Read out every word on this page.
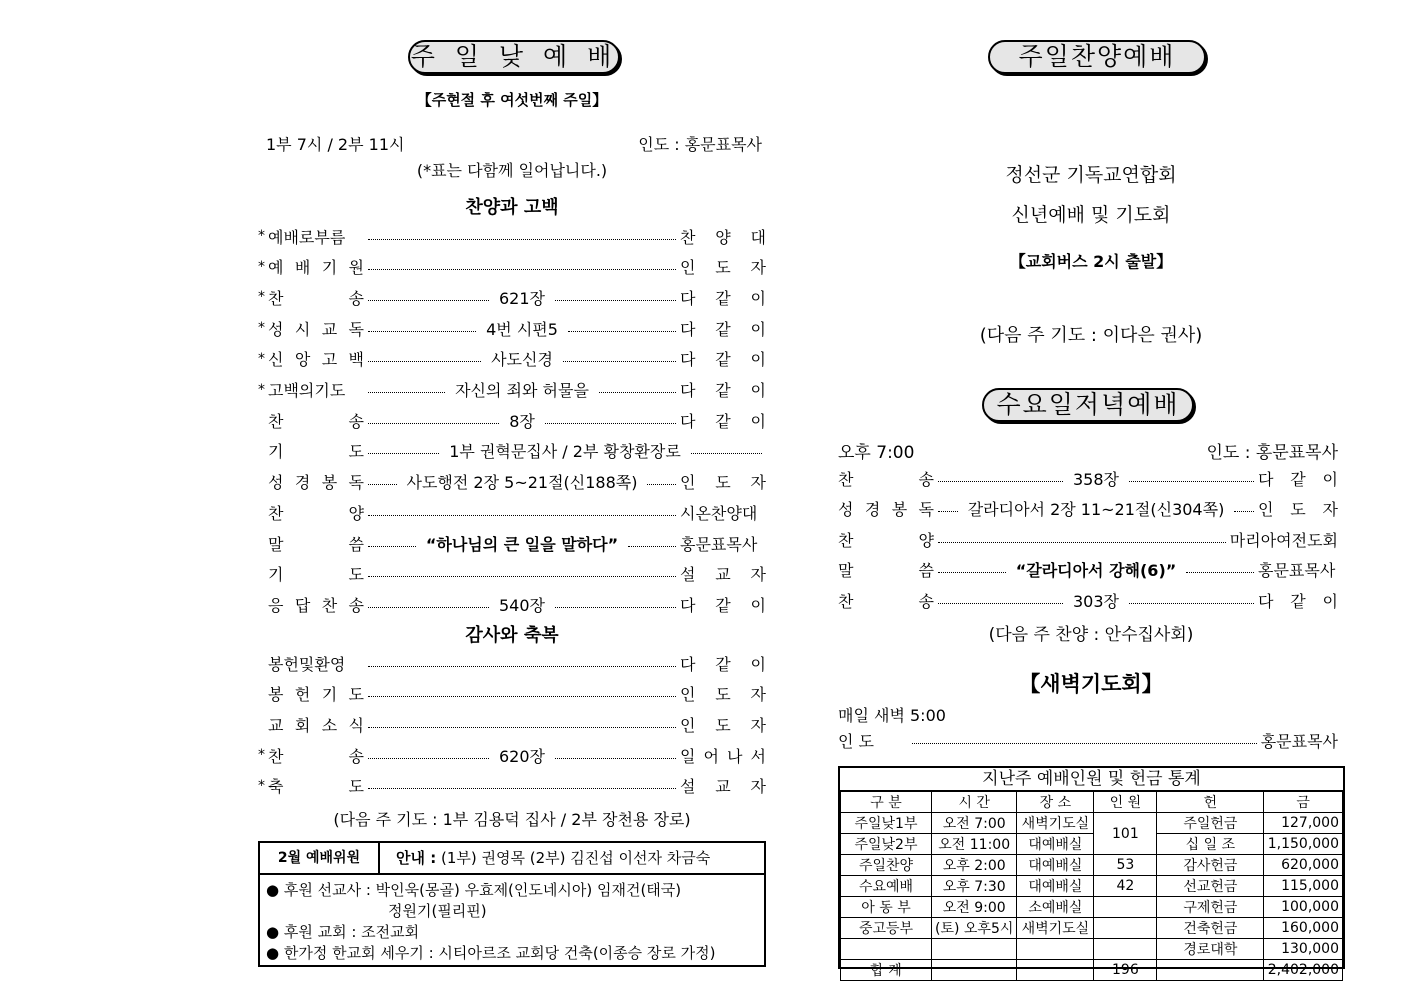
주 일 낮 예 배
【주현절 후 여섯번째 주일】
1부 7시 / 2부 11시	인도 : 홍문표목사
(*표는 다함께 일어납니다.)
찬양과 고백
* 예배로부름	찬 양 대
* 예 배 기 원	인 도 자
* 찬	송	621장	다 같 이
* 성 시 교 독	4번 시편5	다 같 이
* 신 앙 고 백	사도신경	다 같 이
* 고백의기도	자신의 죄와 허물을	다 같 이
찬	송	8장	다 같 이
기	도	1부 권혁문집사 / 2부 황창환장로
성 경 봉 독	사도행전 2장 5~21절(신188쪽)	인 도 자
찬	양	시온찬양대
말	씀	“하나님의 큰 일을 말하다”	홍문표목사
기	도	설 교 자
응 답 찬 송	540장	다 같 이
감사와 축복
봉헌및환영	다 같 이
봉 헌 기 도	인 도 자
교 회 소 식	인 도 자
* 찬	송	620장	일 어 나 서
* 축	도	설 교 자
(다음 주 기도 : 1부 김용덕 집사 / 2부 장천용 장로)
2월 예배위원	안내 : (1부) 권영목 (2부) 김진섭 이선자 차금숙
● 후원 선교사 : 박인욱(몽골) 우효제(인도네시아) 임재건(태국)
정원기(필리핀)
● 후원 교회 : 조전교회
● 한가정 한교회 세우기 : 시티아르조 교회당 건축(이종승 장로 가정)
주일찬양예배
정선군 기독교연합회
신년예배 및 기도회
【교회버스 2시 출발】
(다음 주 기도 : 이다은 권사)
수요일저녁예배
오후 7:00	인도 : 홍문표목사
찬	송	358장	다 같 이
성 경 봉 독	갈라디아서 2장 11~21절(신304쪽)	인 도 자
찬	양	마리아여전도회
말	씀	“갈라디아서 강해(6)”	홍문표목사
찬	송	303장	다 같 이
(다음 주 찬양 : 안수집사회)
【새벽기도회】
매일 새벽 5:00
인 도	홍문표목사
지난주 예배인원 및 헌금 통계
구 분	시 간	장 소	인 원	헌	금
주일낮1부	오전 7:00	새벽기도실	101	주일헌금	127,000
주일낮2부	오전 11:00	대예배실		십 일 조	1,150,000
주일찬양	오후 2:00	대예배실	53	감사헌금	620,000
수요예배	오후 7:30	대예배실	42	선교헌금	115,000
아 동 부	오전 9:00	소예배실		구제헌금	100,000
중고등부	(토) 오후5시	새벽기도실		건축헌금	160,000
				경로대학	130,000
합 계			196		2,402,000
